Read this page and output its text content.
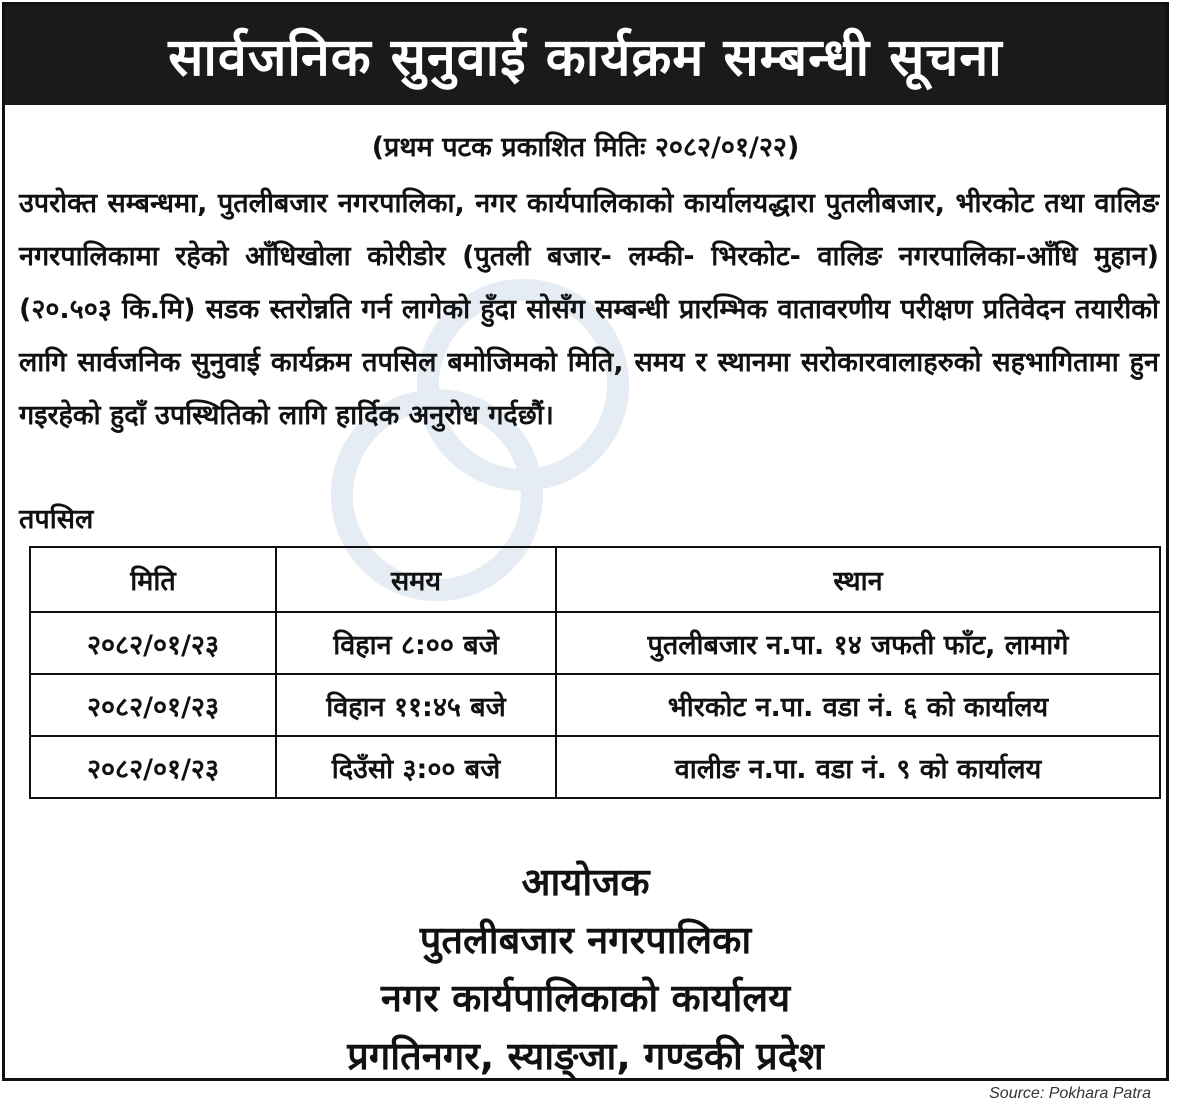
सार्वजनिक सुनुवाई कार्यक्रम सम्बन्धी सूचना
(प्रथम पटक प्रकाशित मितिः २०८२/०१/२२)
उपरोक्त सम्बन्धमा, पुतलीबजार नगरपालिका, नगर कार्यपालिकाको कार्यालयद्धारा पुतलीबजार, भीरकोट तथा वालिङ नगरपालिकामा रहेको आँधिखोला कोरीडोर (पुतली बजार- लम्की- भिरकोट- वालिङ नगरपालिका-आँधि मुहान) (२०.५०३ कि.मि) सडक स्तरोन्नति गर्न लागेको हुँदा सोसँग सम्बन्धी प्रारम्भिक वातावरणीय परीक्षण प्रतिवेदन तयारीको लागि सार्वजनिक सुनुवाई कार्यक्रम तपसिल बमोजिमको मिति, समय र स्थानमा सरोकारवालाहरुको सहभागितामा हुन गइरहेको हुदाँ उपस्थितिको लागि हार्दिक अनुरोध गर्दछौं।
तपसिल
मिति	समय	स्थान
२०८२/०१/२३	विहान ८:०० बजे	पुतलीबजार न.पा. १४ जफती फाँट, लामागे
२०८२/०१/२३	विहान ११:४५ बजे	भीरकोट न.पा. वडा नं. ६ को कार्यालय
२०८२/०१/२३	दिउँसो ३:०० बजे	वालीङ न.पा. वडा नं. ९ को कार्यालय
आयोजक
पुतलीबजार नगरपालिका
नगर कार्यपालिकाको कार्यालय
प्रगतिनगर, स्याङ्जा, गण्डकी प्रदेश
Source: Pokhara Patra
